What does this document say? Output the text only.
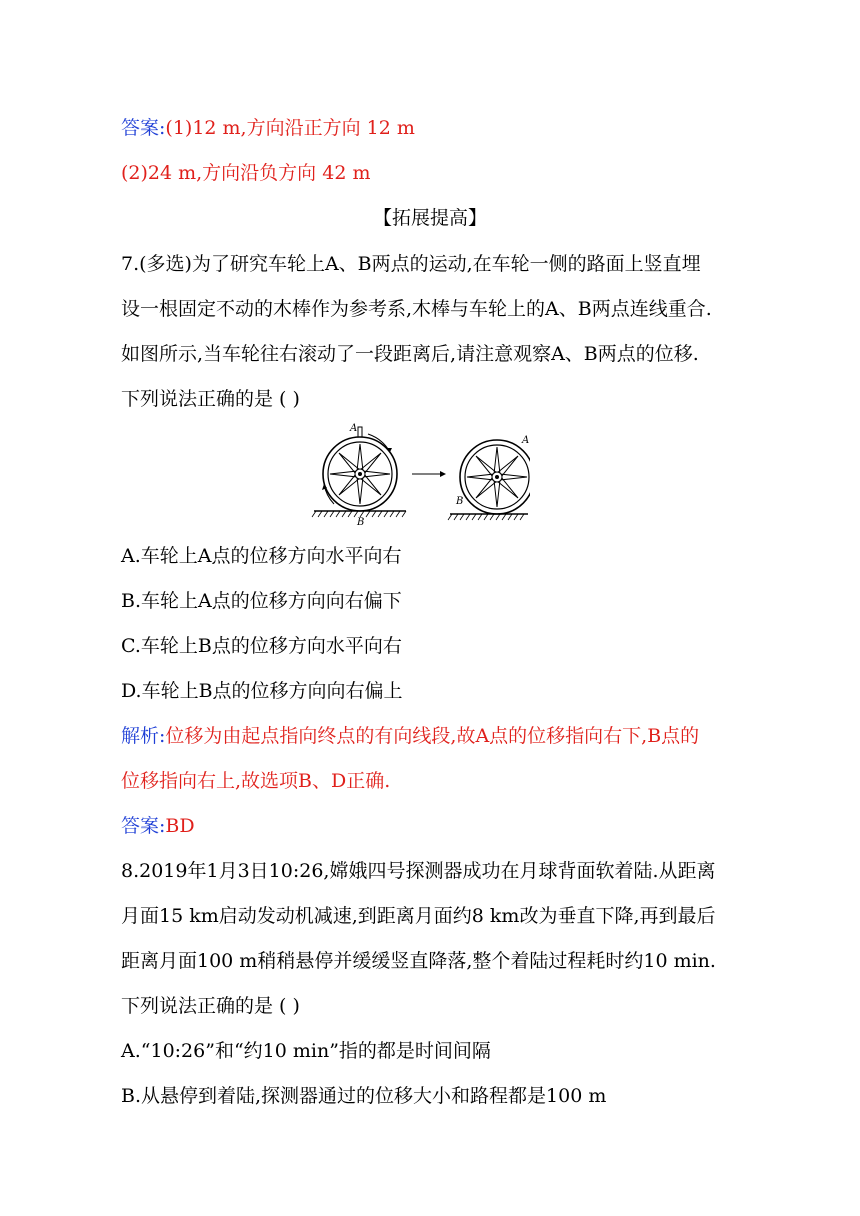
答案:(1)12 m,方向沿正方向 12 m
(2)24 m,方向沿负方向 42 m
【拓展提高】
7.(多选)为了研究车轮上A、B两点的运动,在车轮一侧的路面上竖直埋
设一根固定不动的木棒作为参考系,木棒与车轮上的A、B两点连线重合.
如图所示,当车轮往右滚动了一段距离后,请注意观察A、B两点的位移.
下列说法正确的是 ( )
A
B
A
B
A.车轮上A点的位移方向水平向右
B.车轮上A点的位移方向向右偏下
C.车轮上B点的位移方向水平向右
D.车轮上B点的位移方向向右偏上
解析:位移为由起点指向终点的有向线段,故A点的位移指向右下,B点的
位移指向右上,故选项B、D正确.
答案:BD
8.2019年1月3日10:26,嫦娥四号探测器成功在月球背面软着陆.从距离
月面15 km启动发动机减速,到距离月面约8 km改为垂直下降,再到最后
距离月面100 m稍稍悬停并缓缓竖直降落,整个着陆过程耗时约10 min.
下列说法正确的是 ( )
A.“10:26”和“约10 min”指的都是时间间隔
B.从悬停到着陆,探测器通过的位移大小和路程都是100 m
